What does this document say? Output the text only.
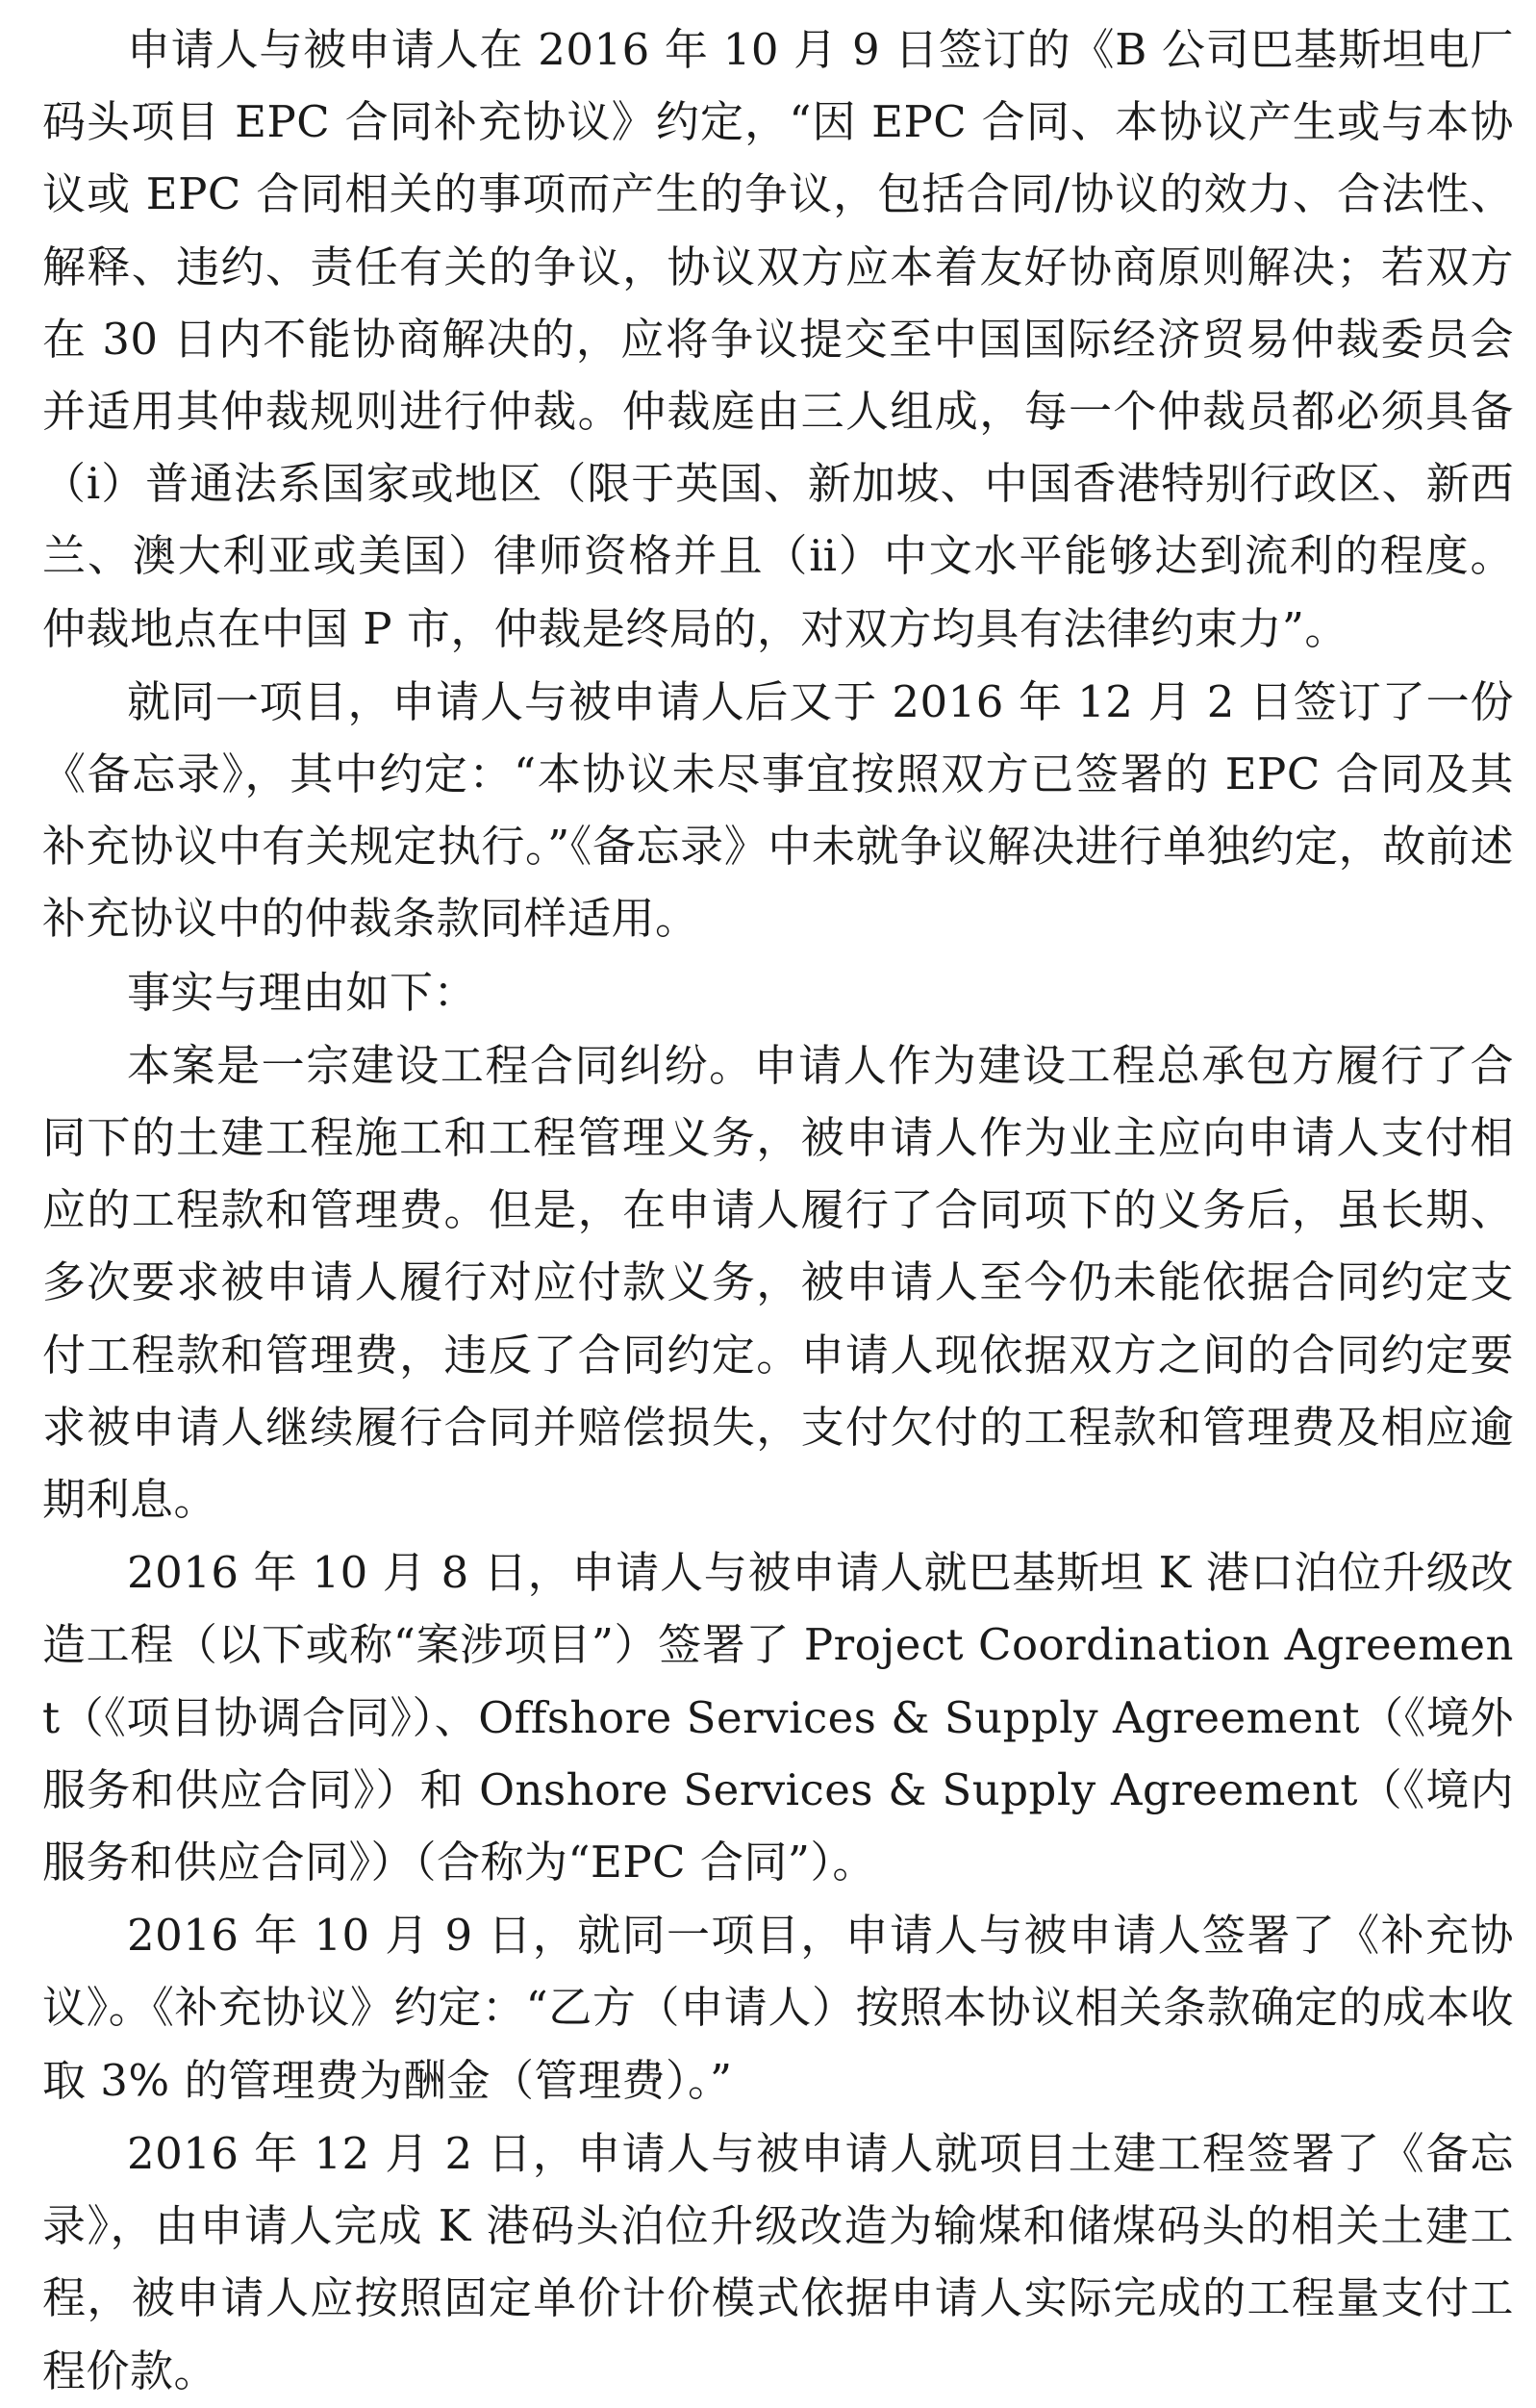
申请人与被申请人在 2016 年 10 月 9 日签订的《B 公司巴基斯坦电厂码头项目 EPC 合同补充协议》约定，“因 EPC 合同、本协议产生或与本协议或 EPC 合同相关的事项而产生的争议，包括合同/协议的效力、合法性、解释、违约、责任有关的争议，协议双方应本着友好协商原则解决；若双方在 30 日内不能协商解决的，应将争议提交至中国国际经济贸易仲裁委员会并适用其仲裁规则进行仲裁。仲裁庭由三人组成，每一个仲裁员都必须具备（ⅰ）普通法系国家或地区（限于英国、新加坡、中国香港特别行政区、新西兰、澳大利亚或美国）律师资格并且（ⅱ）中文水平能够达到流利的程度。仲裁地点在中国 P 市，仲裁是终局的，对双方均具有法律约束力”。

就同一项目，申请人与被申请人后又于 2016 年 12 月 2 日签订了一份《备忘录》，其中约定：“本协议未尽事宜按照双方已签署的 EPC 合同及其补充协议中有关规定执行。”《备忘录》中未就争议解决进行单独约定，故前述补充协议中的仲裁条款同样适用。

事实与理由如下：

本案是一宗建设工程合同纠纷。申请人作为建设工程总承包方履行了合同下的土建工程施工和工程管理义务，被申请人作为业主应向申请人支付相应的工程款和管理费。但是，在申请人履行了合同项下的义务后，虽长期、多次要求被申请人履行对应付款义务，被申请人至今仍未能依据合同约定支付工程款和管理费，违反了合同约定。申请人现依据双方之间的合同约定要求被申请人继续履行合同并赔偿损失，支付欠付的工程款和管理费及相应逾期利息。

2016 年 10 月 8 日，申请人与被申请人就巴基斯坦 K 港口泊位升级改造工程（以下或称“案涉项目”）签署了 Project Coordination Agreement（《项目协调合同》）、Offshore Services & Supply Agreement（《境外服务和供应合同》）和 Onshore Services & Supply Agreement（《境内服务和供应合同》）（合称为“EPC 合同”）。

2016 年 10 月 9 日，就同一项目，申请人与被申请人签署了《补充协议》。《补充协议》约定：“乙方（申请人）按照本协议相关条款确定的成本收取 3% 的管理费为酬金（管理费）。”

2016 年 12 月 2 日，申请人与被申请人就项目土建工程签署了《备忘录》，由申请人完成 K 港码头泊位升级改造为输煤和储煤码头的相关土建工程，被申请人应按照固定单价计价模式依据申请人实际完成的工程量支付工程价款。
